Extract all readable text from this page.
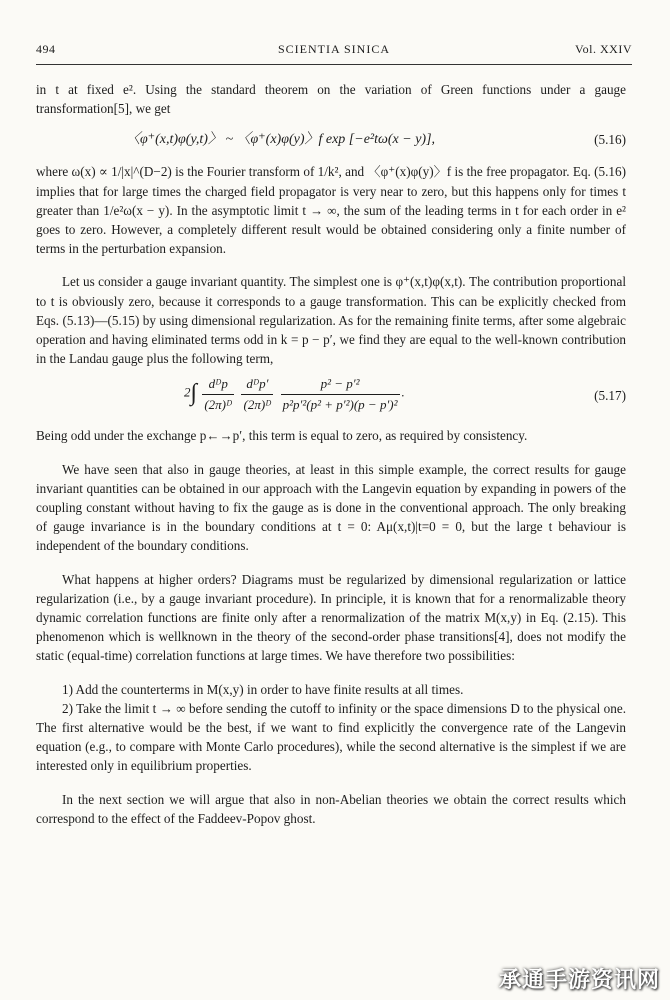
494	SCIENTIA SINICA	Vol. XXIV

in t at fixed e². Using the standard theorem on the variation of Green functions under a gauge transformation[5], we get

〈φ⁺(x,t)φ(y,t)〉 ~ 〈φ⁺(x)φ(y)〉f exp [−e²tω(x − y)],	(5.16)

where ω(x) ∝ 1/|x|^(D−2) is the Fourier transform of 1/k², and 〈φ⁺(x)φ(y)〉f is the free propagator. Eq. (5.16) implies that for large times the charged field propagator is very near to zero, but this happens only for times t greater than 1/e²ω(x − y). In the asymptotic limit t → ∞, the sum of the leading terms in t for each order in e² goes to zero. However, a completely different result would be obtained considering only a finite number of terms in the perturbation expansion.

Let us consider a gauge invariant quantity. The simplest one is φ⁺(x,t)φ(x,t). The contribution proportional to t is obviously zero, because it corresponds to a gauge transformation. This can be explicitly checked from Eqs. (5.13)—(5.15) by using dimensional regularization. As for the remaining finite terms, after some algebraic operation and having eliminated terms odd in k = p − p′, we find they are equal to the well-known contribution in the Landau gauge plus the following term,

$2\int \frac{\text{dᴰp}}{\text{(2π)ᴰ}}$
$\frac{\text{dᴰp′}}{\text{(2π)ᴰ}}$
$\frac{\text{p² − p′²}}{\text{p²p′²(p² + p′²)(p − p′)²}}$ .	(5.17)

Being odd under the exchange p←→p′, this term is equal to zero, as required by consistency.

We have seen that also in gauge theories, at least in this simple example, the correct results for gauge invariant quantities can be obtained in our approach with the Langevin equation by expanding in powers of the coupling constant without having to fix the gauge as is done in the conventional approach. The only breaking of gauge invariance is in the boundary conditions at t = 0: Aμ(x,t)|t=0 = 0, but the large t behaviour is independent of the boundary conditions.

What happens at higher orders? Diagrams must be regularized by dimensional regularization or lattice regularization (i.e., by a gauge invariant procedure). In principle, it is known that for a renormalizable theory dynamic correlation functions are finite only after a renormalization of the matrix M(x,y) in Eq. (2.15). This phenomenon which is wellknown in the theory of the second-order phase transitions[4], does not modify the static (equal-time) correlation functions at large times. We have therefore two possibilities:

1) Add the counterterms in M(x,y) in order to have finite results at all times.

2) Take the limit t → ∞ before sending the cutoff to infinity or the space dimensions D to the physical one. The first alternative would be the best, if we want to find explicitly the convergence rate of the Langevin equation (e.g., to compare with Monte Carlo procedures), while the second alternative is the simplest if we are interested only in equilibrium properties.

In the next section we will argue that also in non-Abelian theories we obtain the correct results which correspond to the effect of the Faddeev-Popov ghost.

承通手游资讯网
